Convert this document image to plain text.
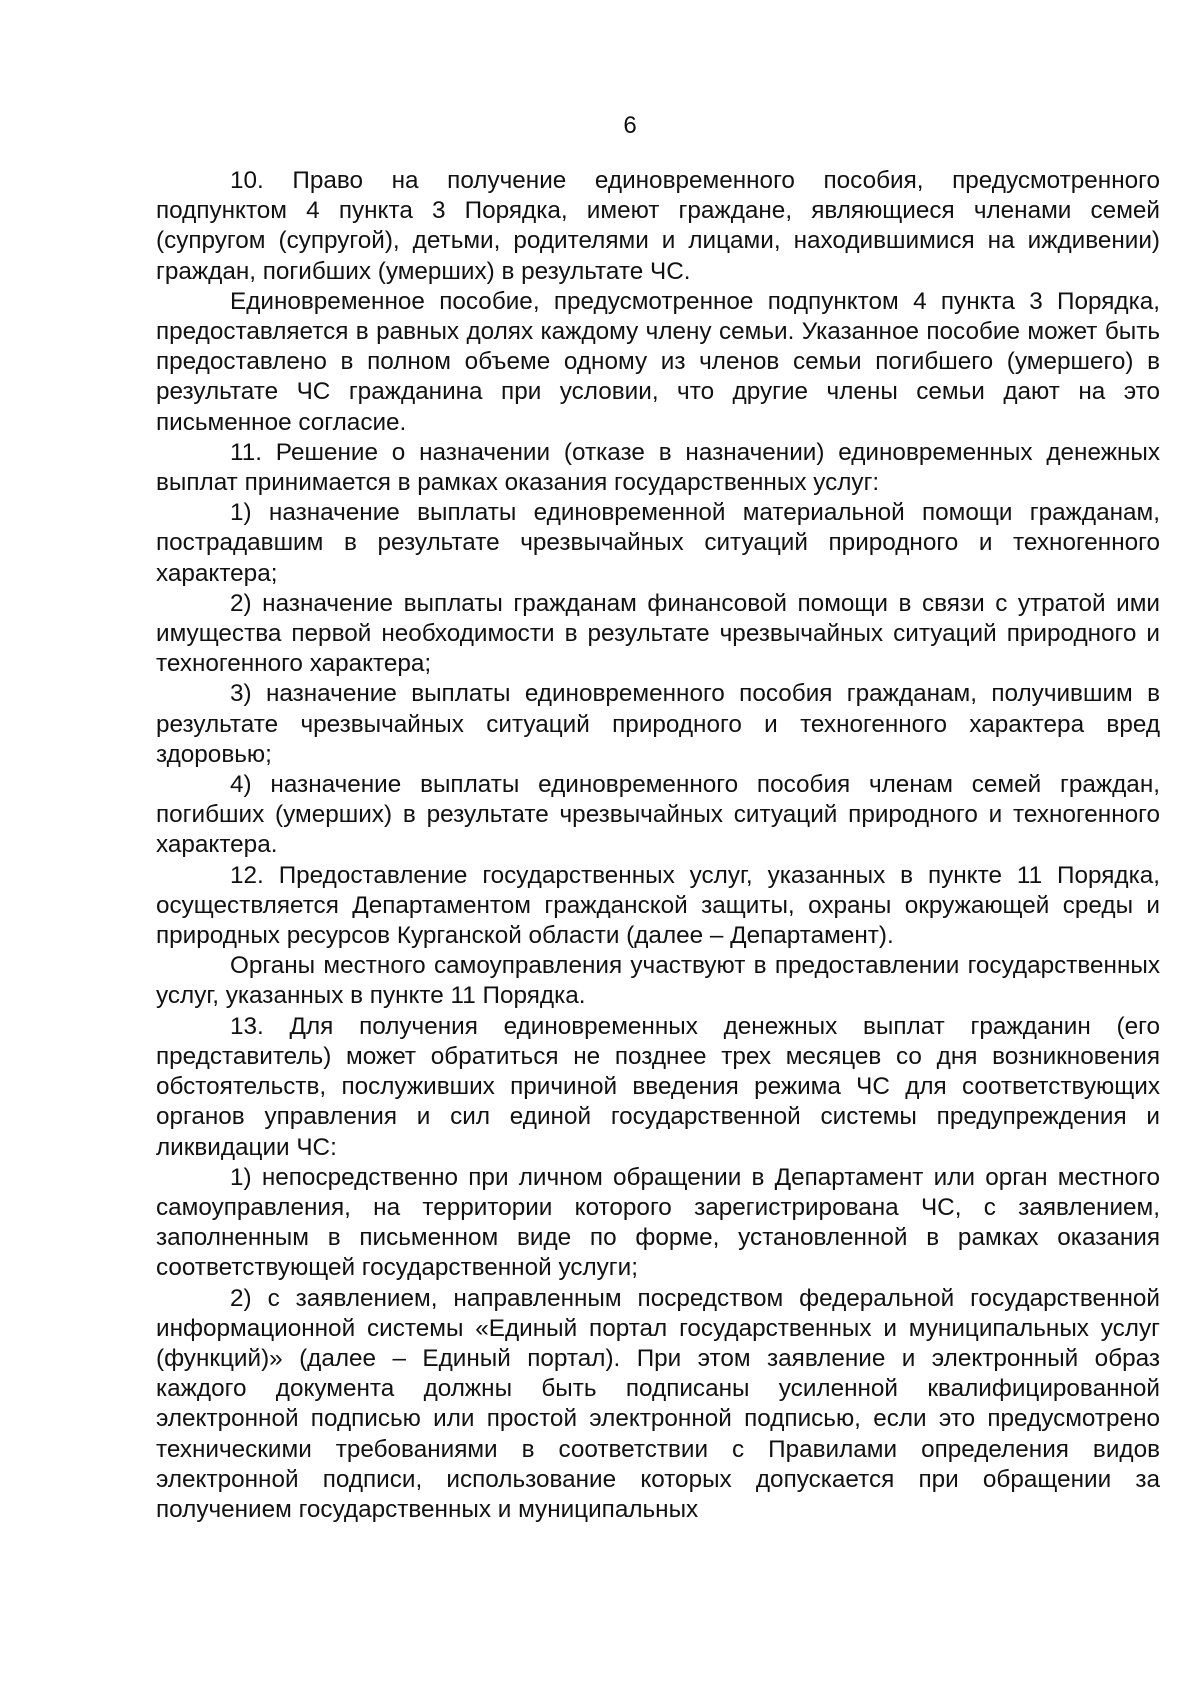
6

10. Право на получение единовременного пособия, предусмотренного подпунктом 4 пункта 3 Порядка, имеют граждане, являющиеся членами семей (супругом (супругой), детьми, родителями и лицами, находившимися на иждивении) граждан, погибших (умерших) в результате ЧС.

Единовременное пособие, предусмотренное подпунктом 4 пункта 3 Порядка, предоставляется в равных долях каждому члену семьи. Указанное пособие может быть предоставлено в полном объеме одному из членов семьи погибшего (умершего) в результате ЧС гражданина при условии, что другие члены семьи дают на это письменное согласие.

11. Решение о назначении (отказе в назначении) единовременных денежных выплат принимается в рамках оказания государственных услуг:

1) назначение выплаты единовременной материальной помощи гражданам, пострадавшим в результате чрезвычайных ситуаций природного и техногенного характера;

2) назначение выплаты гражданам финансовой помощи в связи с утратой ими имущества первой необходимости в результате чрезвычайных ситуаций природного и техногенного характера;

3) назначение выплаты единовременного пособия гражданам, получившим в результате чрезвычайных ситуаций природного и техногенного характера вред здоровью;

4) назначение выплаты единовременного пособия членам семей граждан, погибших (умерших) в результате чрезвычайных ситуаций природного и техногенного характера.

12. Предоставление государственных услуг, указанных в пункте 11 Порядка, осуществляется Департаментом гражданской защиты, охраны окружающей среды и природных ресурсов Курганской области (далее – Департамент).

Органы местного самоуправления участвуют в предоставлении государственных услуг, указанных в пункте 11 Порядка.

13. Для получения единовременных денежных выплат гражданин (его представитель) может обратиться не позднее трех месяцев со дня возникновения обстоятельств, послуживших причиной введения режима ЧС для соответствующих органов управления и сил единой государственной системы предупреждения и ликвидации ЧС:

1) непосредственно при личном обращении в Департамент или орган местного самоуправления, на территории которого зарегистрирована ЧС, с заявлением, заполненным в письменном виде по форме, установленной в рамках оказания соответствующей государственной услуги;

2) с заявлением, направленным посредством федеральной государственной информационной системы «Единый портал государственных и муниципальных услуг (функций)» (далее – Единый портал). При этом заявление и электронный образ каждого документа должны быть подписаны усиленной квалифицированной электронной подписью или простой электронной подписью, если это предусмотрено техническими требованиями в соответствии с Правилами определения видов электронной подписи, использование которых допускается при обращении за получением государственных и муниципальных
